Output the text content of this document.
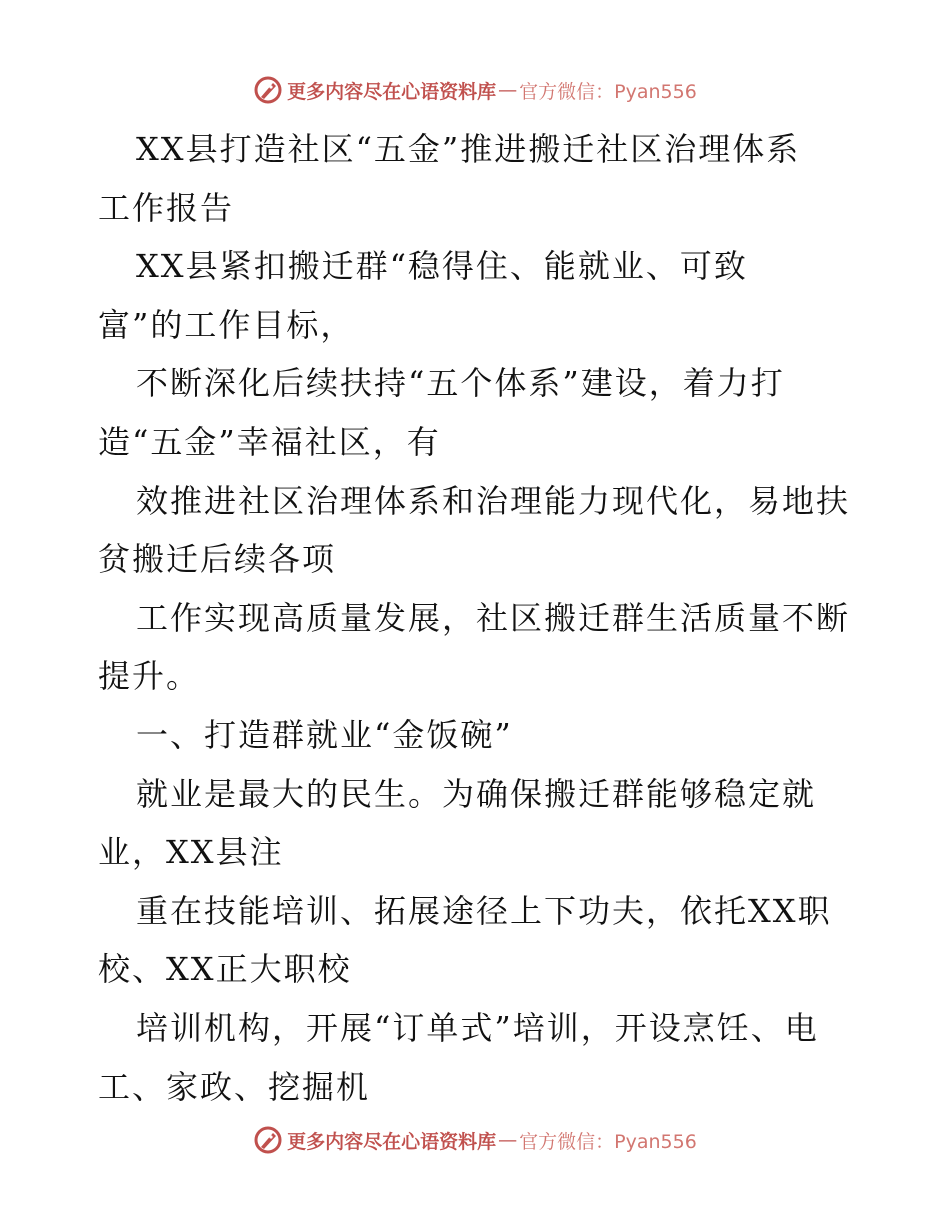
更多内容尽在心语资料库 — 官方微信：Pyan556
XX县打造社区“五金”推进搬迁社区治理体系
工作报告
XX县紧扣搬迁群“稳得住、能就业、可致
富”的工作目标，
不断深化后续扶持“五个体系”建设，着力打
造“五金”幸福社区，有
效推进社区治理体系和治理能力现代化，易地扶
贫搬迁后续各项
工作实现高质量发展，社区搬迁群生活质量不断
提升。
一、打造群就业“金饭碗”
就业是最大的民生。为确保搬迁群能够稳定就
业，XX县注
重在技能培训、拓展途径上下功夫，依托XX职
校、XX正大职校
培训机构，开展“订单式”培训，开设烹饪、电
工、家政、挖掘机
更多内容尽在心语资料库 — 官方微信：Pyan556
